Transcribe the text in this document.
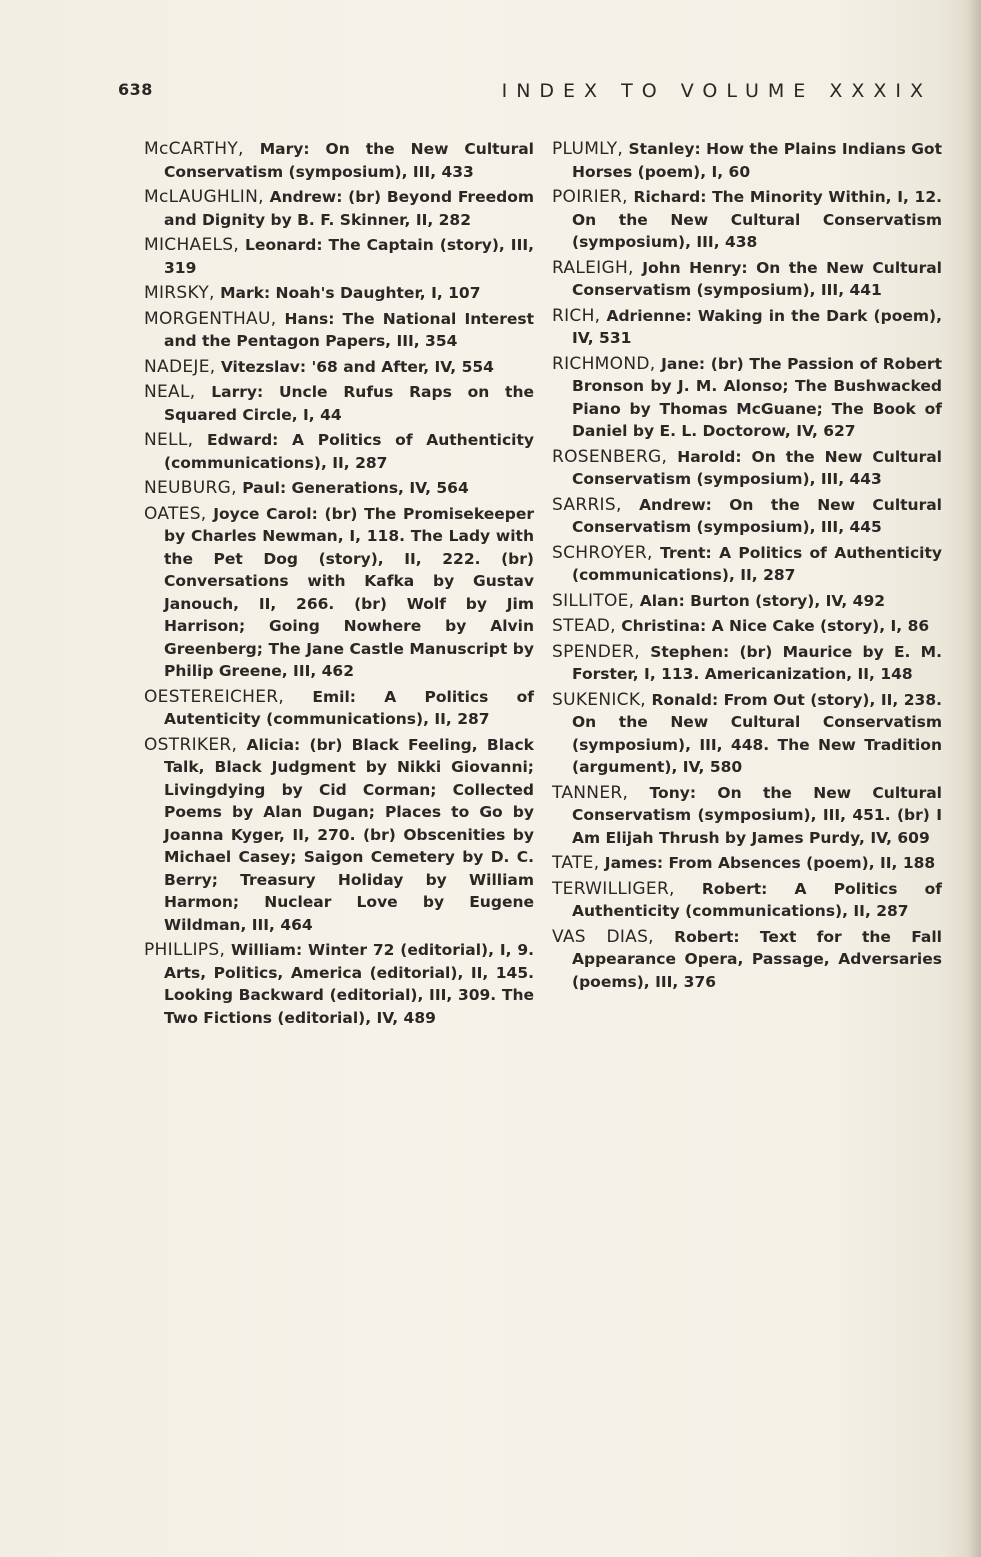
638	INDEX TO VOLUME XXXIX

McCARTHY, Mary: On the New Cultural Conservatism (symposium), III, 433

McLAUGHLIN, Andrew: (br) Beyond Freedom and Dignity by B. F. Skinner, II, 282

MICHAELS, Leonard: The Captain (story), III, 319

MIRSKY, Mark: Noah's Daughter, I, 107

MORGENTHAU, Hans: The National Interest and the Pentagon Papers, III, 354

NADEJE, Vitezslav: '68 and After, IV, 554

NEAL, Larry: Uncle Rufus Raps on the Squared Circle, I, 44

NELL, Edward: A Politics of Authenticity (communications), II, 287

NEUBURG, Paul: Generations, IV, 564

OATES, Joyce Carol: (br) The Promisekeeper by Charles Newman, I, 118. The Lady with the Pet Dog (story), II, 222. (br) Conversations with Kafka by Gustav Janouch, II, 266. (br) Wolf by Jim Harrison; Going Nowhere by Alvin Greenberg; The Jane Castle Manuscript by Philip Greene, III, 462

OESTEREICHER, Emil: A Politics of Autenticity (communications), II, 287

OSTRIKER, Alicia: (br) Black Feeling, Black Talk, Black Judgment by Nikki Giovanni; Livingdying by Cid Corman; Collected Poems by Alan Dugan; Places to Go by Joanna Kyger, II, 270. (br) Obscenities by Michael Casey; Saigon Cemetery by D. C. Berry; Treasury Holiday by William Harmon; Nuclear Love by Eugene Wildman, III, 464

PHILLIPS, William: Winter 72 (editorial), I, 9. Arts, Politics, America (editorial), II, 145. Looking Backward (editorial), III, 309. The Two Fictions (editorial), IV, 489

PLUMLY, Stanley: How the Plains Indians Got Horses (poem), I, 60

POIRIER, Richard: The Minority Within, I, 12. On the New Cultural Conservatism (symposium), III, 438

RALEIGH, John Henry: On the New Cultural Conservatism (symposium), III, 441

RICH, Adrienne: Waking in the Dark (poem), IV, 531

RICHMOND, Jane: (br) The Passion of Robert Bronson by J. M. Alonso; The Bushwacked Piano by Thomas McGuane; The Book of Daniel by E. L. Doctorow, IV, 627

ROSENBERG, Harold: On the New Cultural Conservatism (symposium), III, 443

SARRIS, Andrew: On the New Cultural Conservatism (symposium), III, 445

SCHROYER, Trent: A Politics of Authenticity (communications), II, 287

SILLITOE, Alan: Burton (story), IV, 492

STEAD, Christina: A Nice Cake (story), I, 86

SPENDER, Stephen: (br) Maurice by E. M. Forster, I, 113. Americanization, II, 148

SUKENICK, Ronald: From Out (story), II, 238. On the New Cultural Conservatism (symposium), III, 448. The New Tradition (argument), IV, 580

TANNER, Tony: On the New Cultural Conservatism (symposium), III, 451. (br) I Am Elijah Thrush by James Purdy, IV, 609

TATE, James: From Absences (poem), II, 188

TERWILLIGER, Robert: A Politics of Authenticity (communications), II, 287

VAS DIAS, Robert: Text for the Fall Appearance Opera, Passage, Adversaries (poems), III, 376
